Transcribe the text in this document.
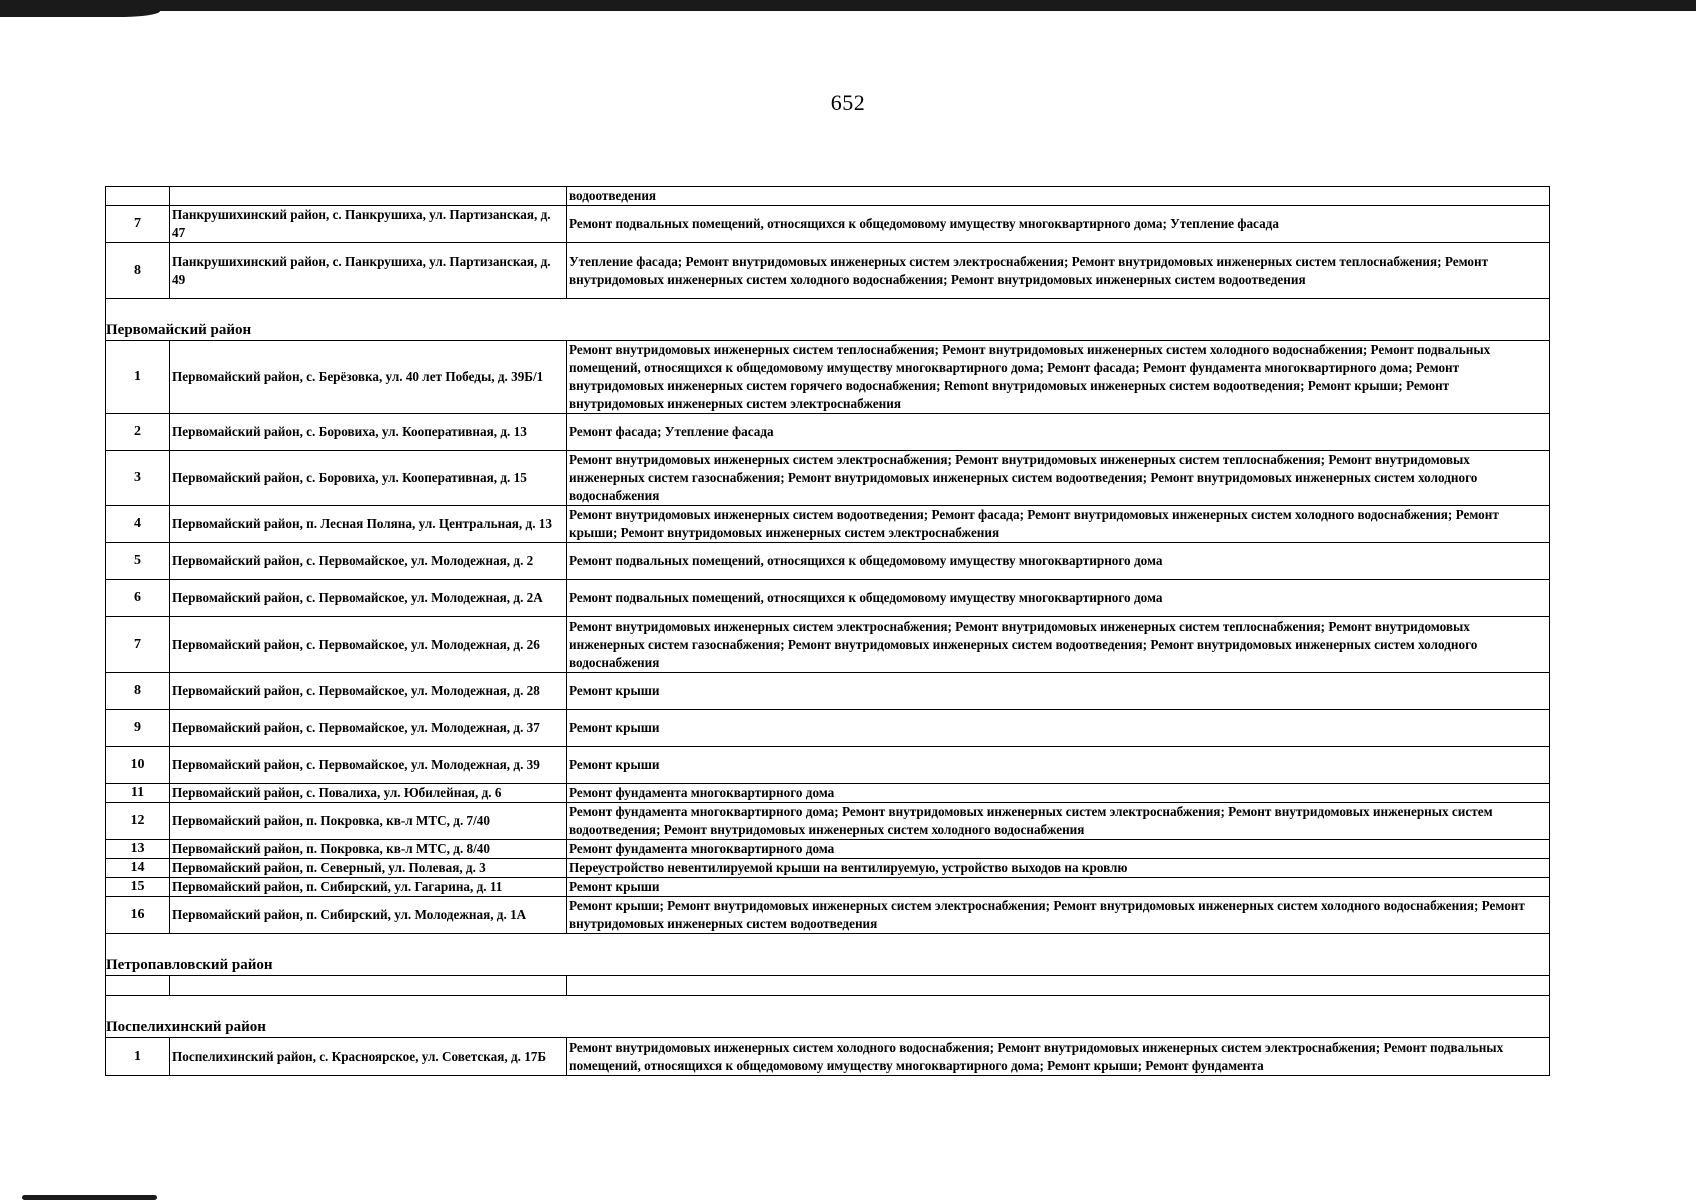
652
		водоотведения
7	Панкрушихинский район, с. Панкрушиха, ул. Партизанская, д. 47	Ремонт подвальных помещений, относящихся к общедомовому имуществу многоквартирного дома; Утепление фасада
8	Панкрушихинский район, с. Панкрушиха, ул. Партизанская, д. 49	Утепление фасада; Ремонт внутридомовых инженерных систем электроснабжения; Ремонт внутридомовых инженерных систем теплоснабжения; Ремонт внутридомовых инженерных систем холодного водоснабжения; Ремонт внутридомовых инженерных систем водоотведения
Первомайский район		
1	Первомайский район, с. Берёзовка, ул. 40 лет Победы, д. 39Б/1	Ремонт внутридомовых инженерных систем теплоснабжения; Ремонт внутридомовых инженерных систем холодного водоснабжения; Ремонт подвальных помещений, относящихся к общедомовому имуществу многоквартирного дома; Ремонт фасада; Ремонт фундамента многоквартирного дома; Ремонт внутридомовых инженерных систем горячего водоснабжения; Remont внутридомовых инженерных систем водоотведения; Ремонт крыши; Ремонт внутридомовых инженерных систем электроснабжения
2	Первомайский район, с. Боровиха, ул. Кооперативная, д. 13	Ремонт фасада; Утепление фасада
3	Первомайский район, с. Боровиха, ул. Кооперативная, д. 15	Ремонт внутридомовых инженерных систем электроснабжения; Ремонт внутридомовых инженерных систем теплоснабжения; Ремонт внутридомовых инженерных систем газоснабжения; Ремонт внутридомовых инженерных систем водоотведения; Ремонт внутридомовых инженерных систем холодного водоснабжения
4	Первомайский район, п. Лесная Поляна, ул. Центральная, д. 13	Ремонт внутридомовых инженерных систем водоотведения; Ремонт фасада; Ремонт внутридомовых инженерных систем холодного водоснабжения; Ремонт крыши; Ремонт внутридомовых инженерных систем электроснабжения
5	Первомайский район, с. Первомайское, ул. Молодежная, д. 2	Ремонт подвальных помещений, относящихся к общедомовому имуществу многоквартирного дома
6	Первомайский район, с. Первомайское, ул. Молодежная, д. 2А	Ремонт подвальных помещений, относящихся к общедомовому имуществу многоквартирного дома
7	Первомайский район, с. Первомайское, ул. Молодежная, д. 26	Ремонт внутридомовых инженерных систем электроснабжения; Ремонт внутридомовых инженерных систем теплоснабжения; Ремонт внутридомовых инженерных систем газоснабжения; Ремонт внутридомовых инженерных систем водоотведения; Ремонт внутридомовых инженерных систем холодного водоснабжения
8	Первомайский район, с. Первомайское, ул. Молодежная, д. 28	Ремонт крыши
9	Первомайский район, с. Первомайское, ул. Молодежная, д. 37	Ремонт крыши
10	Первомайский район, с. Первомайское, ул. Молодежная, д. 39	Ремонт крыши
11	Первомайский район, с. Повалиха, ул. Юбилейная, д. 6	Ремонт фундамента многоквартирного дома
12	Первомайский район, п. Покровка, кв-л МТС, д. 7/40	Ремонт фундамента многоквартирного дома; Ремонт внутридомовых инженерных систем электроснабжения; Ремонт внутридомовых инженерных систем водоотведения; Ремонт внутридомовых инженерных систем холодного водоснабжения
13	Первомайский район, п. Покровка, кв-л МТС, д. 8/40	Ремонт фундамента многоквартирного дома
14	Первомайский район, п. Северный, ул. Полевая, д. 3	Переустройство невентилируемой крыши на вентилируемую, устройство выходов на кровлю
15	Первомайский район, п. Сибирский, ул. Гагарина, д. 11	Ремонт крыши
16	Первомайский район, п. Сибирский, ул. Молодежная, д. 1А	Ремонт крыши; Ремонт внутридомовых инженерных систем электроснабжения; Ремонт внутридомовых инженерных систем холодного водоснабжения; Ремонт внутридомовых инженерных систем водоотведения
Петропавловский район		

Поспелихинский район		
1	Поспелихинский район, с. Красноярское, ул. Советская, д. 17Б	Ремонт внутридомовых инженерных систем холодного водоснабжения; Ремонт внутридомовых инженерных систем электроснабжения; Ремонт подвальных помещений, относящихся к общедомовому имуществу многоквартирного дома; Ремонт крыши; Ремонт фундамента
